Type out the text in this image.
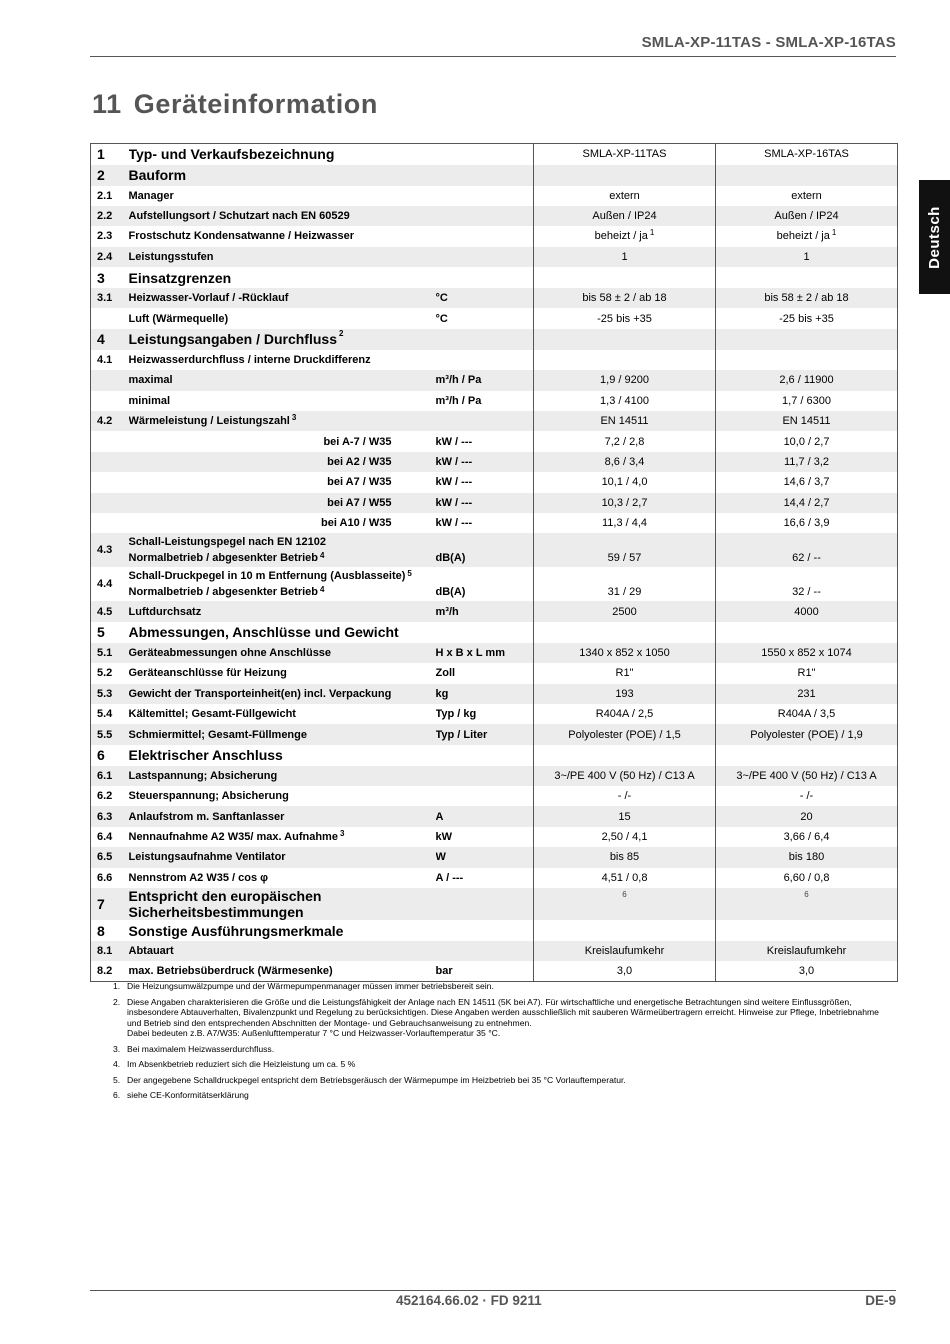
SMLA-XP-11TAS - SMLA-XP-16TAS
11 Geräteinformation
Deutsch
1	Typ- und Verkaufsbezeichnung		SMLA-XP-11TAS	SMLA-XP-16TAS
2	Bauform			
2.1	Manager		extern	extern
2.2	Aufstellungsort / Schutzart nach EN 60529		Außen / IP24	Außen / IP24
2.3	Frostschutz Kondensatwanne / Heizwasser		beheizt / ja $^1$	beheizt / ja $^1$
2.4	Leistungsstufen		1	1
3	Einsatzgrenzen			
3.1	Heizwasser-Vorlauf / -Rücklauf	°C	bis 58 ± 2 / ab 18	bis 58 ± 2 / ab 18
	Luft (Wärmequelle)	°C	-25 bis +35	-25 bis +35
4	Leistungsangaben / Durchfluss $^2$			
4.1	Heizwasserdurchfluss / interne Druckdifferenz			
	maximal	m³/h / Pa	1,9 / 9200	2,6 / 11900
	minimal	m³/h / Pa	1,3 / 4100	1,7 / 6300
4.2	Wärmeleistung / Leistungszahl $^3$		EN 14511	EN 14511
	bei A-7 / W35	kW / ---	7,2 / 2,8	10,0 / 2,7
	bei A2 / W35	kW / ---	8,6 / 3,4	11,7 / 3,2
	bei A7 / W35	kW / ---	10,1 / 4,0	14,6 / 3,7
	bei A7 / W55	kW / ---	10,3 / 2,7	14,4 / 2,7
	bei A10 / W35	kW / ---	11,3 / 4,4	16,6 / 3,9
4.3	Schall-Leistungspegel nach EN 12102
Normalbetrieb / abgesenkter Betrieb $^4$	dB(A)	59 / 57	62 / --
4.4	Schall-Druckpegel in 10 m Entfernung (Ausblasseite) $^5$
Normalbetrieb / abgesenkter Betrieb $^4$	dB(A)	31 / 29	32 / --
4.5	Luftdurchsatz	m³/h	2500	4000
5	Abmessungen, Anschlüsse und Gewicht			
5.1	Geräteabmessungen ohne Anschlüsse	H x B x L mm	1340 x 852 x 1050	1550 x 852 x 1074
5.2	Geräteanschlüsse für Heizung	Zoll	R1"	R1"
5.3	Gewicht der Transporteinheit(en) incl. Verpackung	kg	193	231
5.4	Kältemittel; Gesamt-Füllgewicht	Typ / kg	R404A / 2,5	R404A / 3,5
5.5	Schmiermittel; Gesamt-Füllmenge	Typ / Liter	Polyolester (POE) / 1,5	Polyolester (POE) / 1,9
6	Elektrischer Anschluss			
6.1	Lastspannung; Absicherung		3~/PE 400 V (50 Hz) / C13 A	3~/PE 400 V (50 Hz) / C13 A
6.2	Steuerspannung; Absicherung		- /-	- /-
6.3	Anlaufstrom m. Sanftanlasser	A	15	20
6.4	Nennaufnahme A2 W35/ max. Aufnahme $^3$	kW	2,50 / 4,1	3,66 / 6,4
6.5	Leistungsaufnahme Ventilator	W	bis 85	bis 180
6.6	Nennstrom A2 W35 / cos φ	A / ---	4,51 / 0,8	6,60 / 0,8
7	Entspricht den europäischen Sicherheitsbestimmungen		6	6
8	Sonstige Ausführungsmerkmale			
8.1	Abtauart		Kreislaufumkehr	Kreislaufumkehr
8.2	max. Betriebsüberdruck (Wärmesenke)	bar	3,0	3,0
1. Die Heizungsumwälzpumpe und der Wärmepumpenmanager müssen immer betriebsbereit sein.
2. Diese Angaben charakterisieren die Größe und die Leistungsfähigkeit der Anlage nach EN 14511 (5K bei A7). Für wirtschaftliche und energetische Betrachtungen sind weitere Einflussgrößen, insbesondere Abtauverhalten, Bivalenzpunkt und Regelung zu berücksichtigen. Diese Angaben werden ausschließlich mit sauberen Wärmeübertragern erreicht. Hinweise zur Pflege, Inbetriebnahme und Betrieb sind den entsprechenden Abschnitten der Montage- und Gebrauchsanweisung zu entnehmen.
Dabei bedeuten z.B. A7/W35: Außenlufttemperatur 7 °C und Heizwasser-Vorlauftemperatur 35 °C.
3. Bei maximalem Heizwasserdurchfluss.
4. Im Absenkbetrieb reduziert sich die Heizleistung um ca. 5 %
5. Der angegebene Schalldruckpegel entspricht dem Betriebsgeräusch der Wärmepumpe im Heizbetrieb bei 35 °C Vorlauftemperatur.
6. siehe CE-Konformitätserklärung
452164.66.02 · FD 9211	DE-9
